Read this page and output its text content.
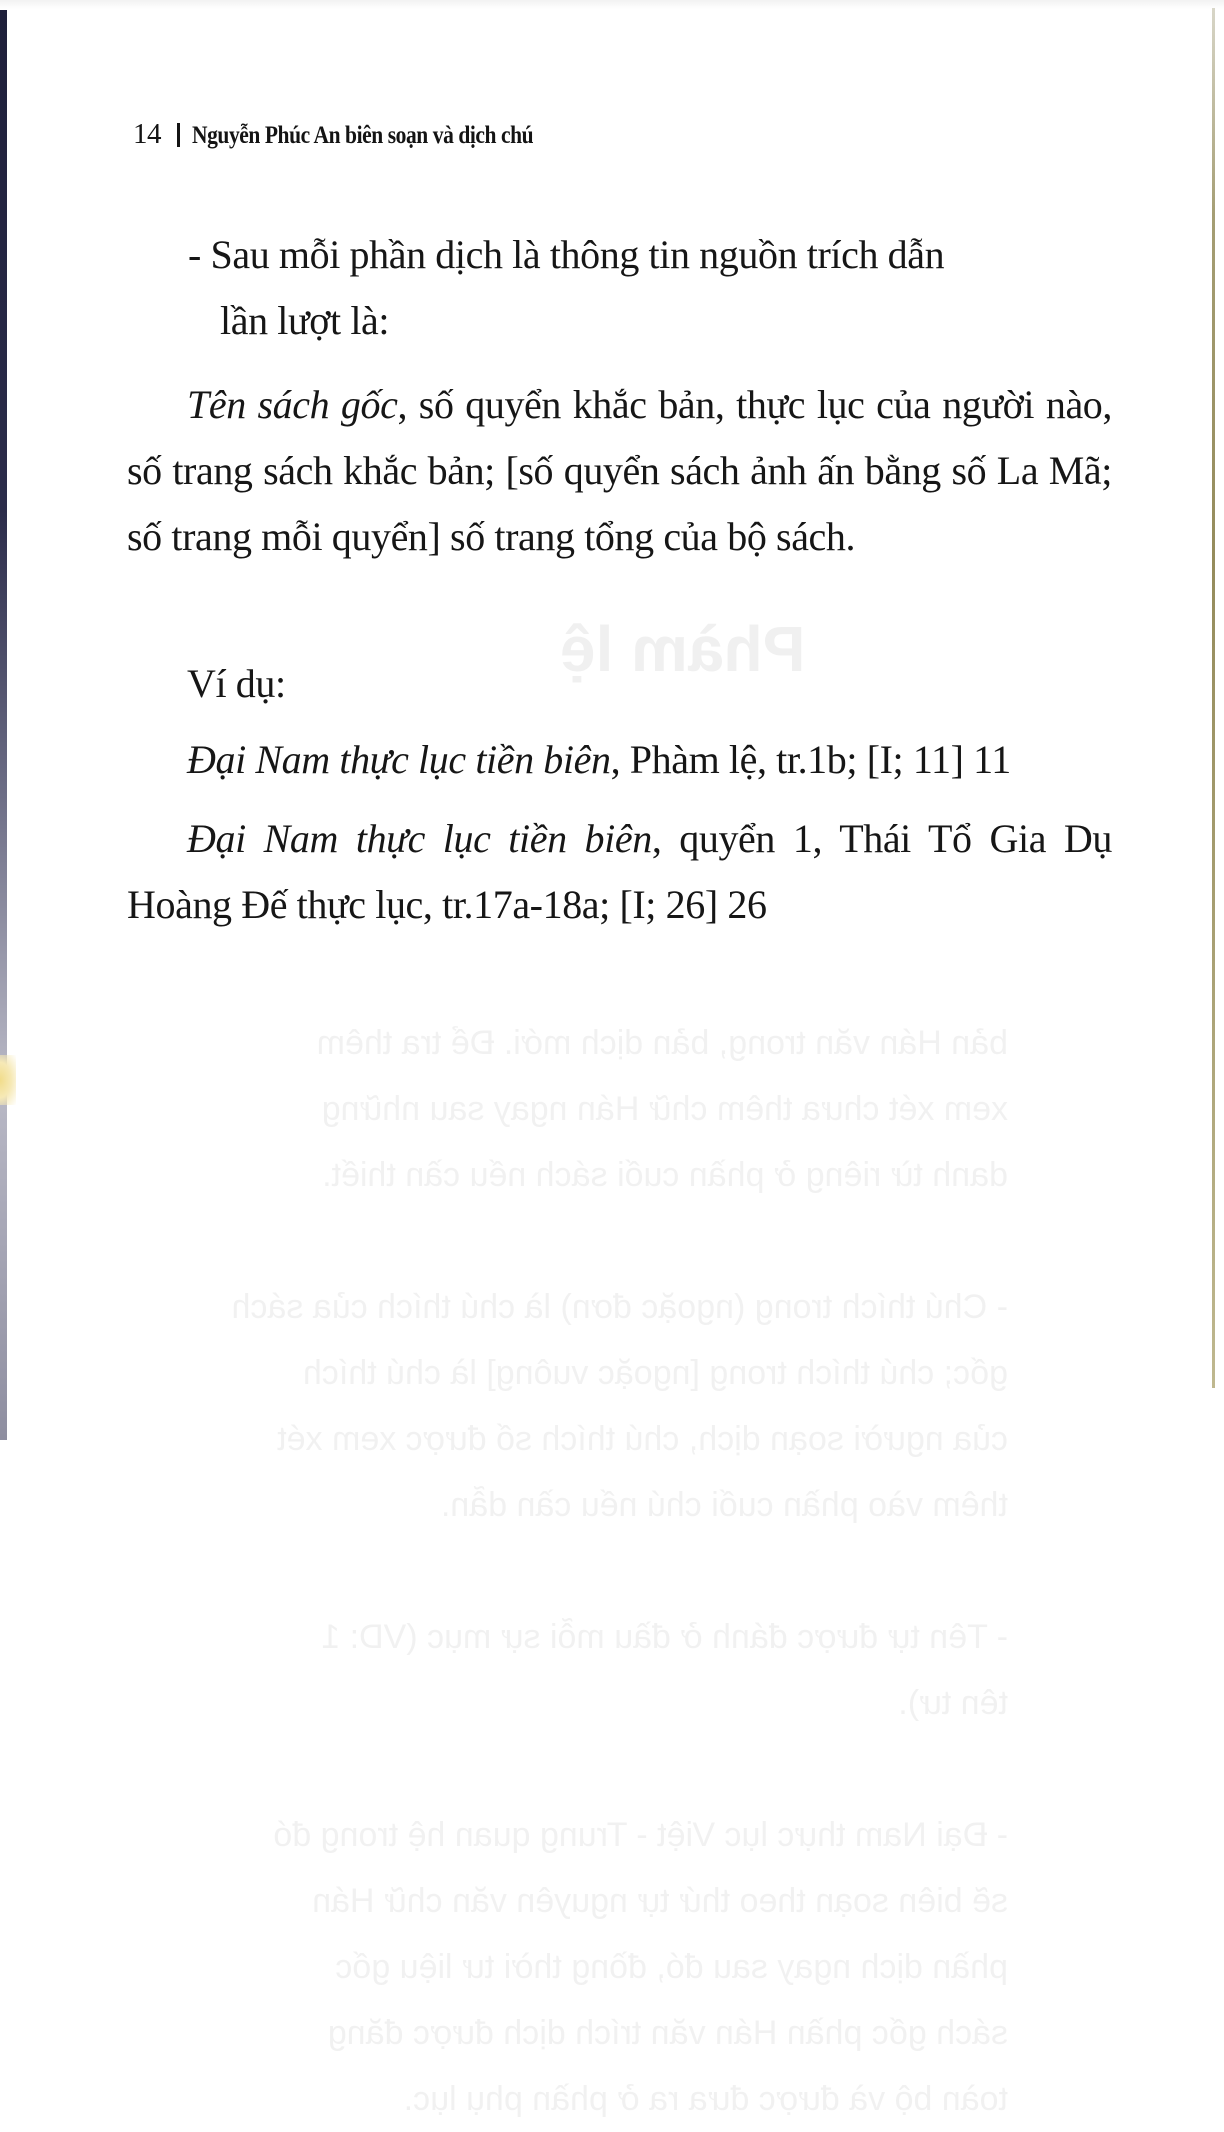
Phàm lệ
bản Hán văn trong, bản dịch mới. Để tra thêm
xem xét chưa thêm chữ Hán ngay sau những
danh từ riêng ở phần cuối sách nếu cần thiết.

- Chú thích trong (ngoặc đơn) là chú thích của sách
gốc; chú thích trong [ngoặc vuông] là chú thích
của người soạn dịch, chú thích số được xem xét
thêm vào phần cuối chú nếu cần dẫn.

- Tên tự được đánh ở đầu mỗi sự mục (VD: 1
tên tư).

- Đại Nam thực lục Việt - Trung quan hệ trong đó
sẽ biên soạn theo thứ tự nguyên văn chữ Hán
phần dịch ngay sau đó, đồng thời tư liệu gốc
sách gốc phần Hán văn trích dịch được đăng
toàn bộ và được đưa ra ở phần phụ lục.
14 Nguyễn Phúc An biên soạn và dịch chú
- Sau mỗi phần dịch là thông tin nguồn trích dẫn
lần lượt là:

Tên sách gốc, số quyển khắc bản, thực lục của người nào, số trang sách khắc bản; [số quyển sách ảnh ấn bằng số La Mã; số trang mỗi quyển] số trang tổng của bộ sách.

Ví dụ:

Đại Nam thực lục tiền biên, Phàm lệ, tr.1b; [I; 11] 11

Đại Nam thực lục tiền biên, quyển 1, Thái Tổ Gia Dụ Hoàng Đế thực lục, tr.17a-18a; [I; 26] 26
